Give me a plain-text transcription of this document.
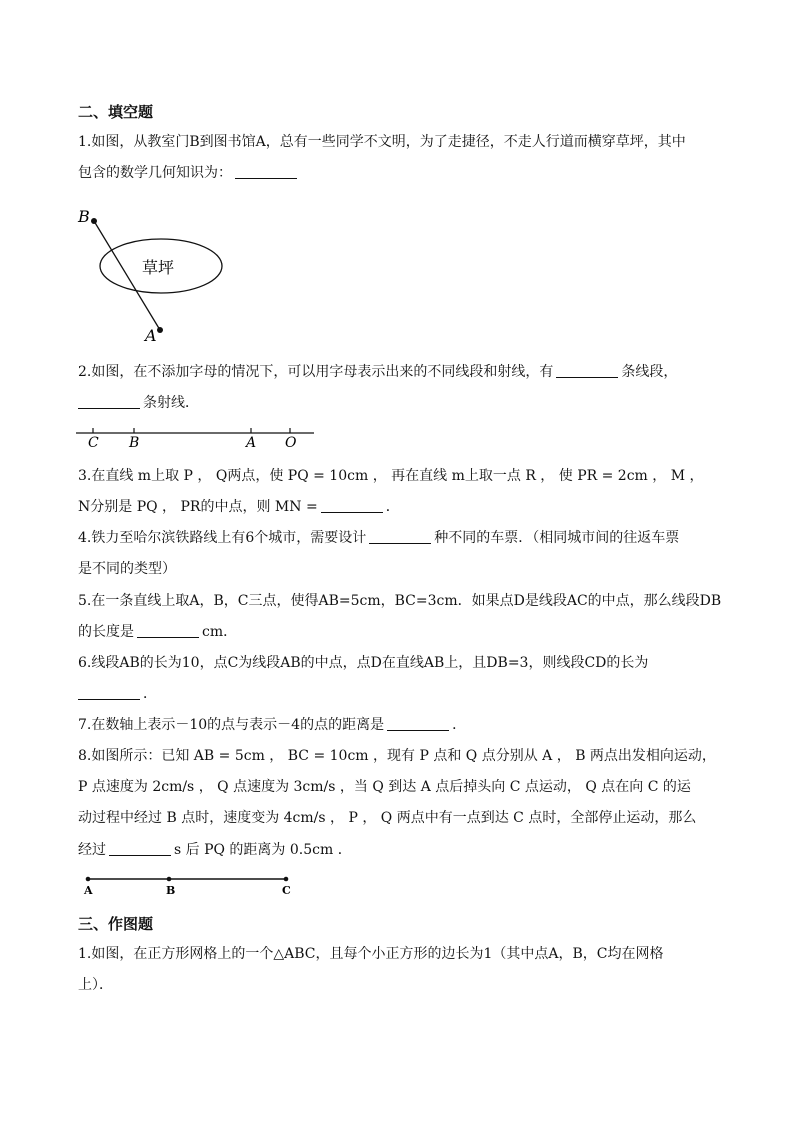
二、填空题
1.如图，从教室门B到图书馆A，总有一些同学不文明，为了走捷径，不走人行道而横穿草坪，其中
包含的数学几何知识为：
B
A
草坪
2.如图，在不添加字母的情况下，可以用字母表示出来的不同线段和射线，有	条线段，
条射线．
C B	A O
3.在直线 m上取 P ， Q两点，使 PQ = 10cm ， 再在直线 m上取一点 R ， 使 PR = 2cm ， M ，
N分别是 PQ ， PR的中点，则 MN =	．
4.铁力至哈尔滨铁路线上有6个城市，需要设计	种不同的车票．（相同城市间的往返车票
是不同的类型）
5.在一条直线上取A，B，C三点，使得AB=5cm，BC=3cm．如果点D是线段AC的中点，那么线段DB
的长度是	cm．
6.线段AB的长为10，点C为线段AB的中点，点D在直线AB上，且DB=3，则线段CD的长为
．
7.在数轴上表示－10的点与表示－4的点的距离是	．
8.如图所示：已知 AB = 5cm ， BC = 10cm ，现有 P 点和 Q 点分别从 A ， B 两点出发相向运动，
P 点速度为 2cm/s ， Q 点速度为 3cm/s ，当 Q 到达 A 点后掉头向 C 点运动， Q 点在向 C 的运
动过程中经过 B 点时，速度变为 4cm/s ， P ， Q 两点中有一点到达 C 点时，全部停止运动，那么
经过	s 后 PQ 的距离为 0.5cm ．
A	B	C
三、作图题
1.如图，在正方形网格上的一个△ABC，且每个小正方形的边长为1（其中点A，B，C均在网格
上）．
